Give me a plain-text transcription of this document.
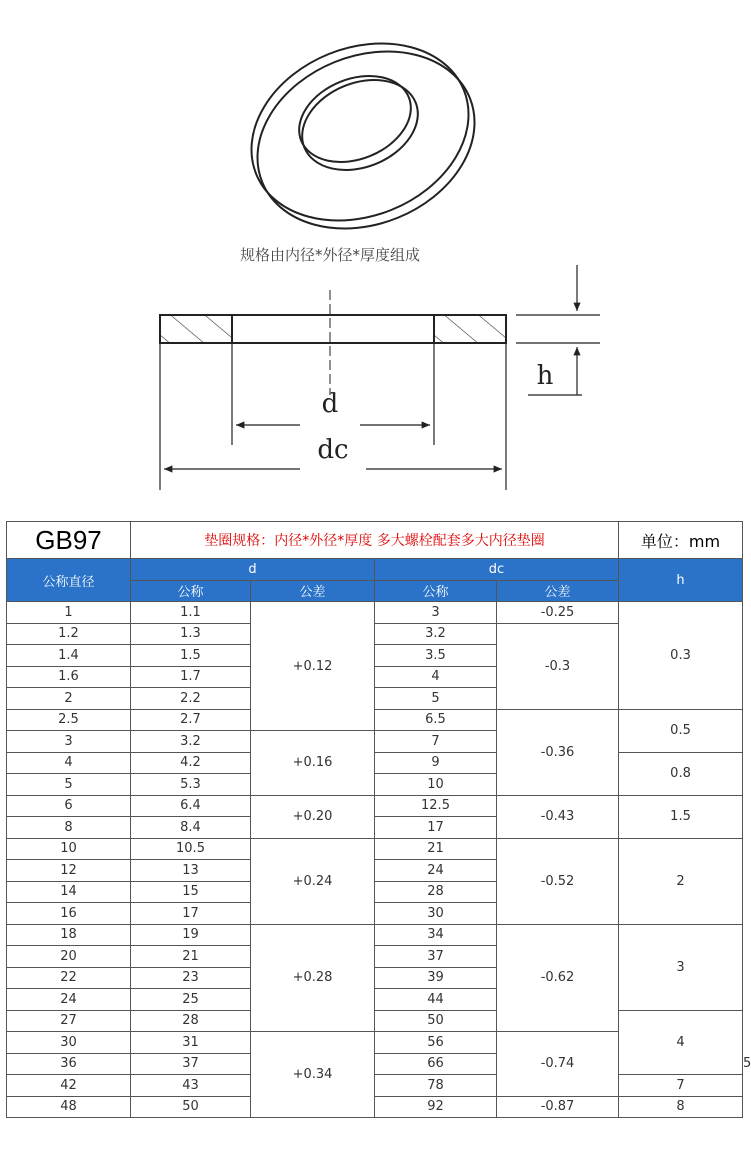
规格由内径*外径*厚度组成
d
dc
h
GB97	垫圈规格：内径*外径*厚度 多大螺栓配套多大内径垫圈				单位：mm	
公称直径	d		dc		h	
	公称	公差	公称	公差		
1	1.1	+0.12	3	-0.25	0.3	
1.2	1.3		3.2	-0.3		
1.4	1.5		3.5			
1.6	1.7		4			
2	2.2		5			
2.5	2.7		6.5	-0.36	0.5	
3	3.2	+0.16	7			
4	4.2		9		0.8	
5	5.3		10			
6	6.4	+0.20	12.5	-0.43	1.5	
8	8.4		17			
10	10.5	+0.24	21	-0.52	2	
12	13		24			
14	15		28			
16	17		30			
18	19	+0.28	34	-0.62	3	
20	21		37			
22	23		39			
24	25		44			
27	28		50		4	
30	31	+0.34	56	-0.74		
36	37		66			5
42	43		78		7	
48	50		92	-0.87	8	
